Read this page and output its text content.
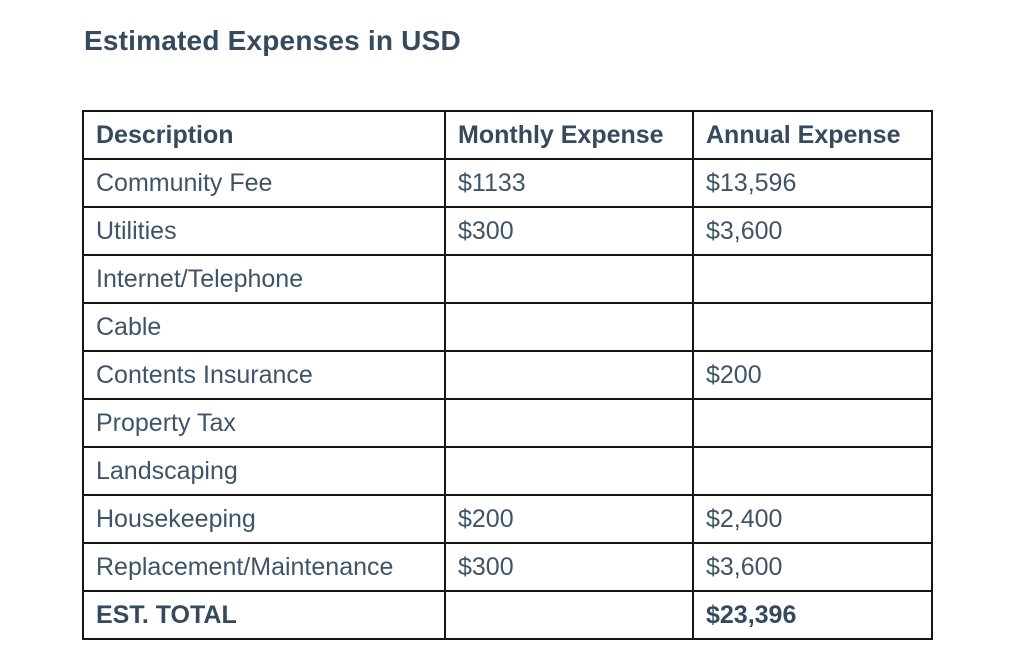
Estimated Expenses in USD
Description	Monthly Expense	Annual Expense
Community Fee	$1133	$13,596
Utilities	$300	$3,600
Internet/Telephone		
Cable		
Contents Insurance		$200
Property Tax		
Landscaping		
Housekeeping	$200	$2,400
Replacement/Maintenance	$300	$3,600
EST. TOTAL		$23,396
